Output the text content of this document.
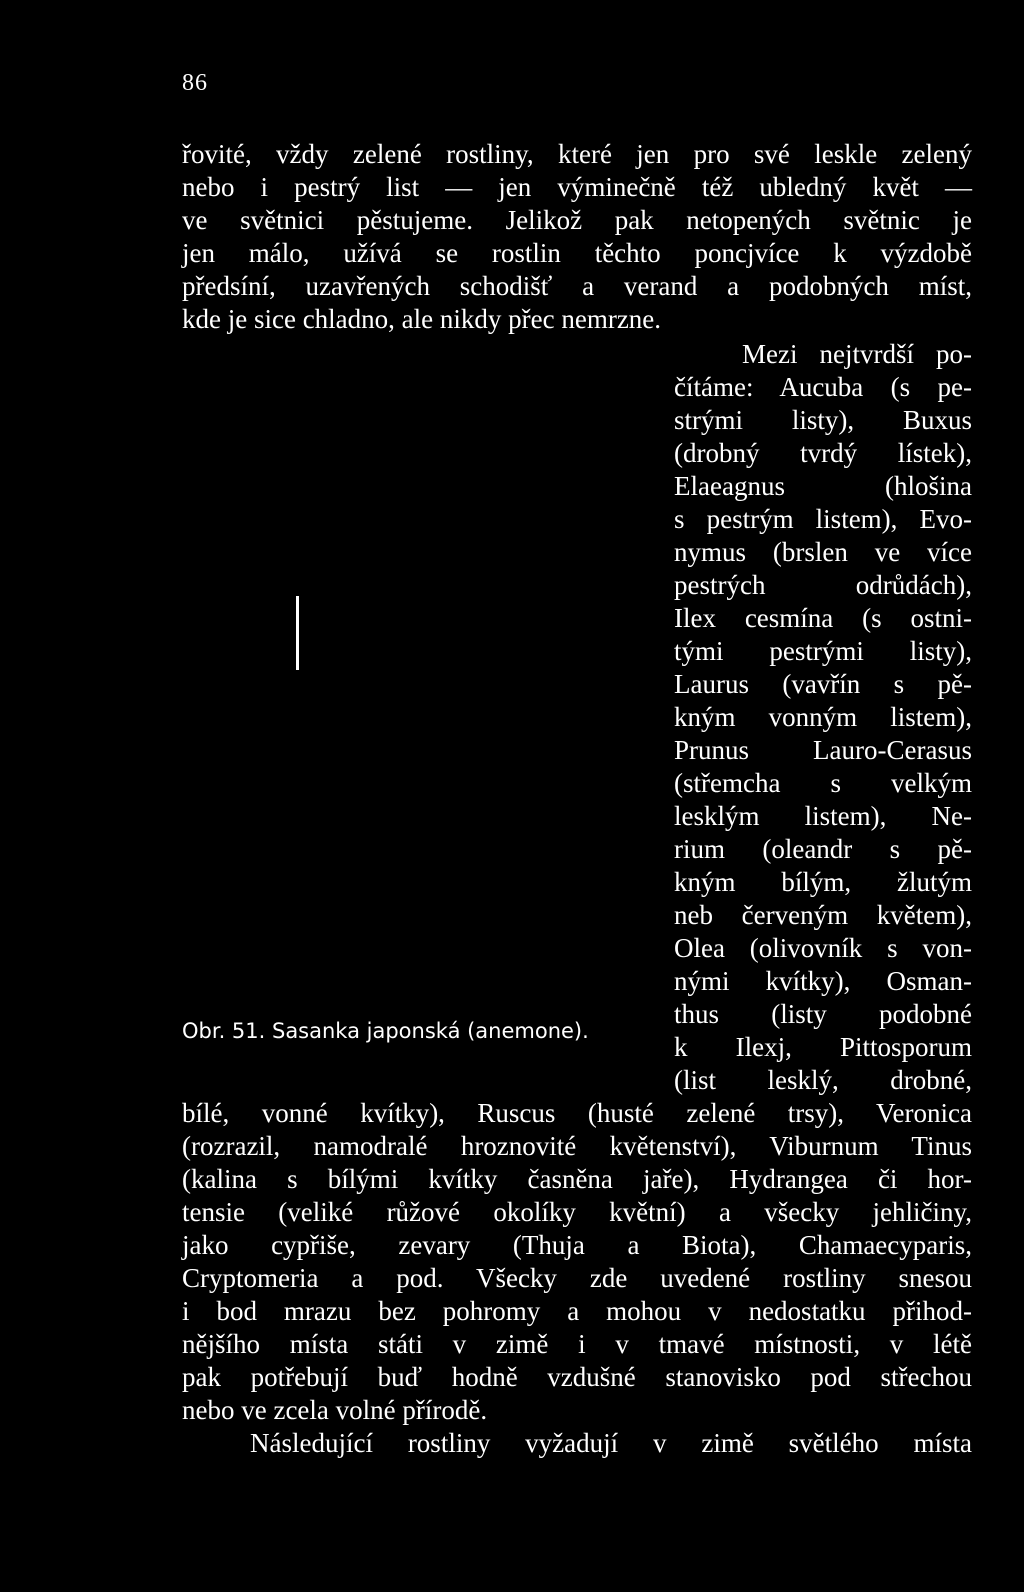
86
řovité, vždy zelené rostliny, které jen pro své leskle zelený
nebo i pestrý list — jen výminečně též ubledný květ —
ve světnici pěstujeme. Jelikož pak netopených světnic je
jen málo, užívá se rostlin těchto poncjvíce k výzdobě
předsíní, uzavřených schodišť a verand a podobných míst,
kde je sice chladno, ale nikdy přec nemrzne.
Mezi nejtvrdší po-
čítáme: Aucuba (s pe-
strými listy), Buxus
(drobný tvrdý lístek),
Elaeagnus (hlošina
s pestrým listem), Evo-
nymus (brslen ve více
pestrých odrůdách),
Ilex cesmína (s ostni-
tými pestrými listy),
Laurus (vavřín s pě-
kným vonným listem),
Prunus Lauro-Cerasus
(střemcha s velkým
lesklým listem), Ne-
rium (oleandr s pě-
kným bílým, žlutým
neb červeným květem),
Olea (olivovník s von-
nými kvítky), Osman-
thus (listy podobné
k Ilexj, Pittosporum
(list lesklý, drobné,
Obr. 51. Sasanka japonská (anemone).
bílé, vonné kvítky), Ruscus (husté zelené trsy), Veronica
(rozrazil, namodralé hroznovité květenství), Viburnum Tinus
(kalina s bílými kvítky časněna jaře), Hydrangea či hor-
tensie (veliké růžové okolíky květní) a všecky jehličiny,
jako cypřiše, zevary (Thuja a Biota), Chamaecyparis,
Cryptomeria a pod. Všecky zde uvedené rostliny snesou
i bod mrazu bez pohromy a mohou v nedostatku přihod-
nějšího místa státi v zimě i v tmavé místnosti, v létě
pak potřebují buď hodně vzdušné stanovisko pod střechou
nebo ve zcela volné přírodě.
Následující rostliny vyžadují v zimě světlého místa
